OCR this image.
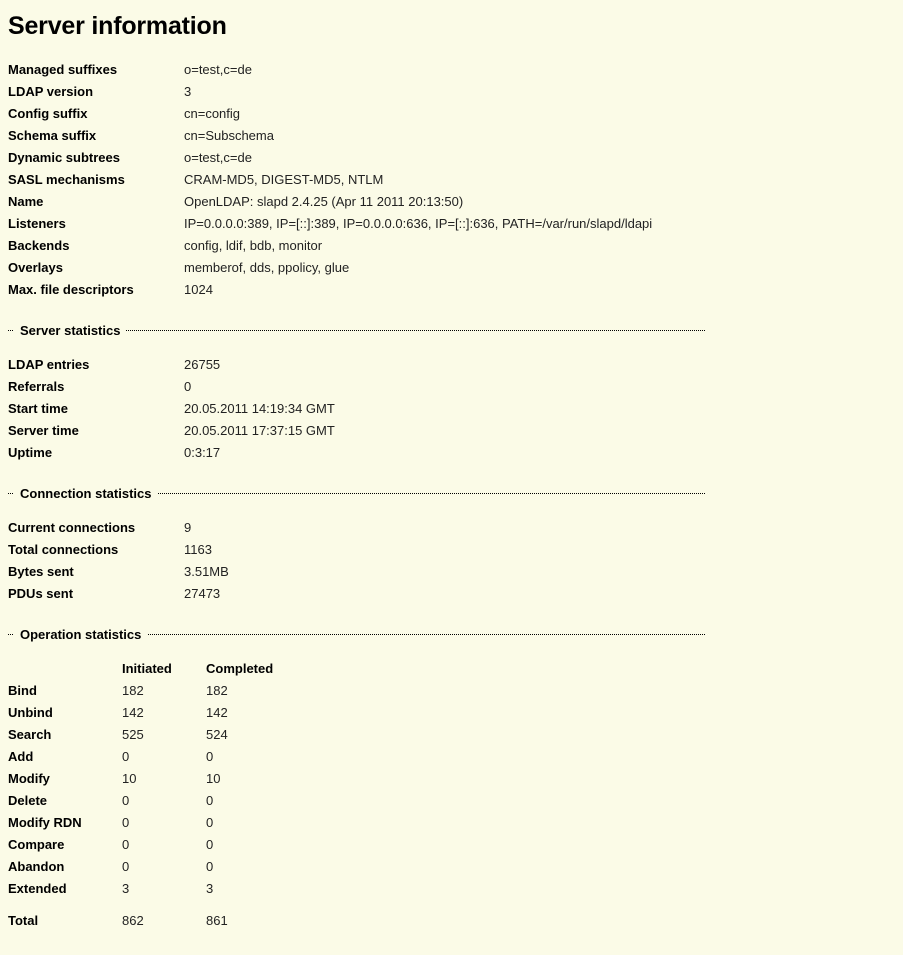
Server information
Managed suffixes	o=test,c=de
LDAP version	3
Config suffix	cn=config
Schema suffix	cn=Subschema
Dynamic subtrees	o=test,c=de
SASL mechanisms	CRAM-MD5, DIGEST-MD5, NTLM
Name	OpenLDAP: slapd 2.4.25 (Apr 11 2011 20:13:50)
Listeners	IP=0.0.0.0:389, IP=[::]:389, IP=0.0.0.0:636, IP=[::]:636, PATH=/var/run/slapd/ldapi
Backends	config, ldif, bdb, monitor
Overlays	memberof, dds, ppolicy, glue
Max. file descriptors	1024
Server statistics
LDAP entries	26755
Referrals	0
Start time	20.05.2011 14:19:34 GMT
Server time	20.05.2011 17:37:15 GMT
Uptime	0:3:17
Connection statistics
Current connections	9
Total connections	1163
Bytes sent	3.51MB
PDUs sent	27473
Operation statistics
	Initiated	Completed
Bind	182	182
Unbind	142	142
Search	525	524
Add	0	0
Modify	10	10
Delete	0	0
Modify RDN	0	0
Compare	0	0
Abandon	0	0
Extended	3	3
Total	862	861
